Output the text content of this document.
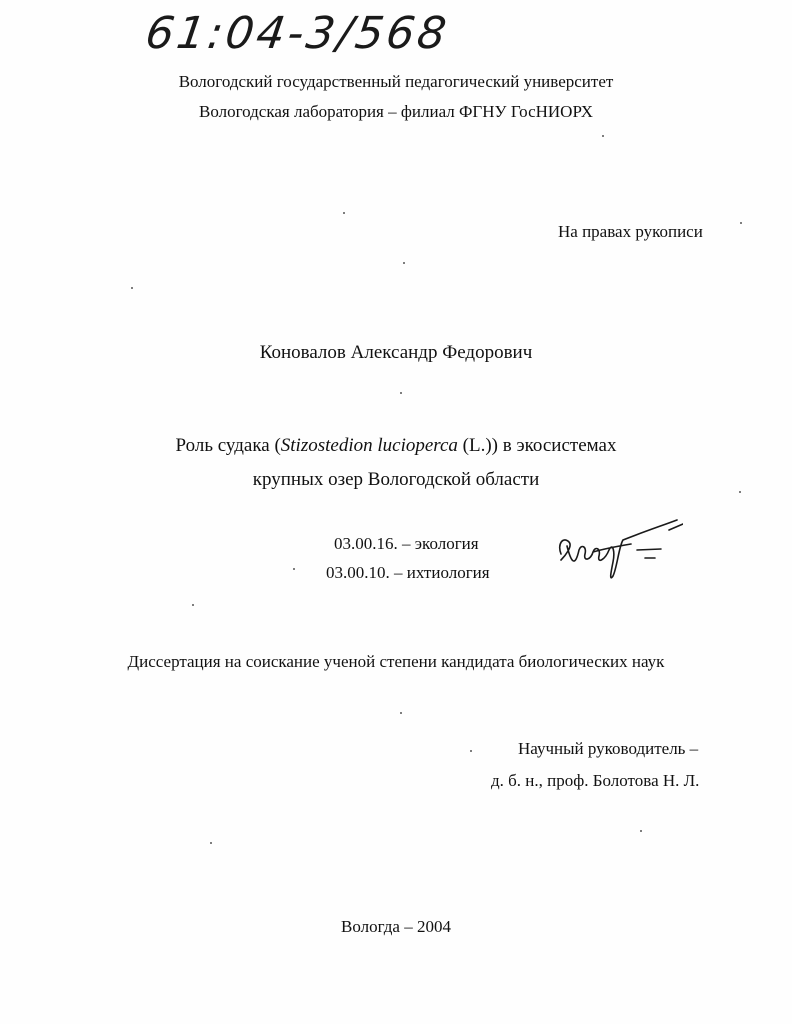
61:04-3/568
Вологодский государственный педагогический университет
Вологодская лаборатория – филиал ФГНУ ГосНИОРХ
На правах рукописи
Коновалов Александр Федорович
Роль судака (Stizostedion lucioperca (L.)) в экосистемах
крупных озер Вологодской области
03.00.16. – экология
03.00.10. – ихтиология
Диссертация на соискание ученой степени кандидата биологических наук
Научный руководитель –
д. б. н., проф. Болотова Н. Л.
Вологда – 2004
